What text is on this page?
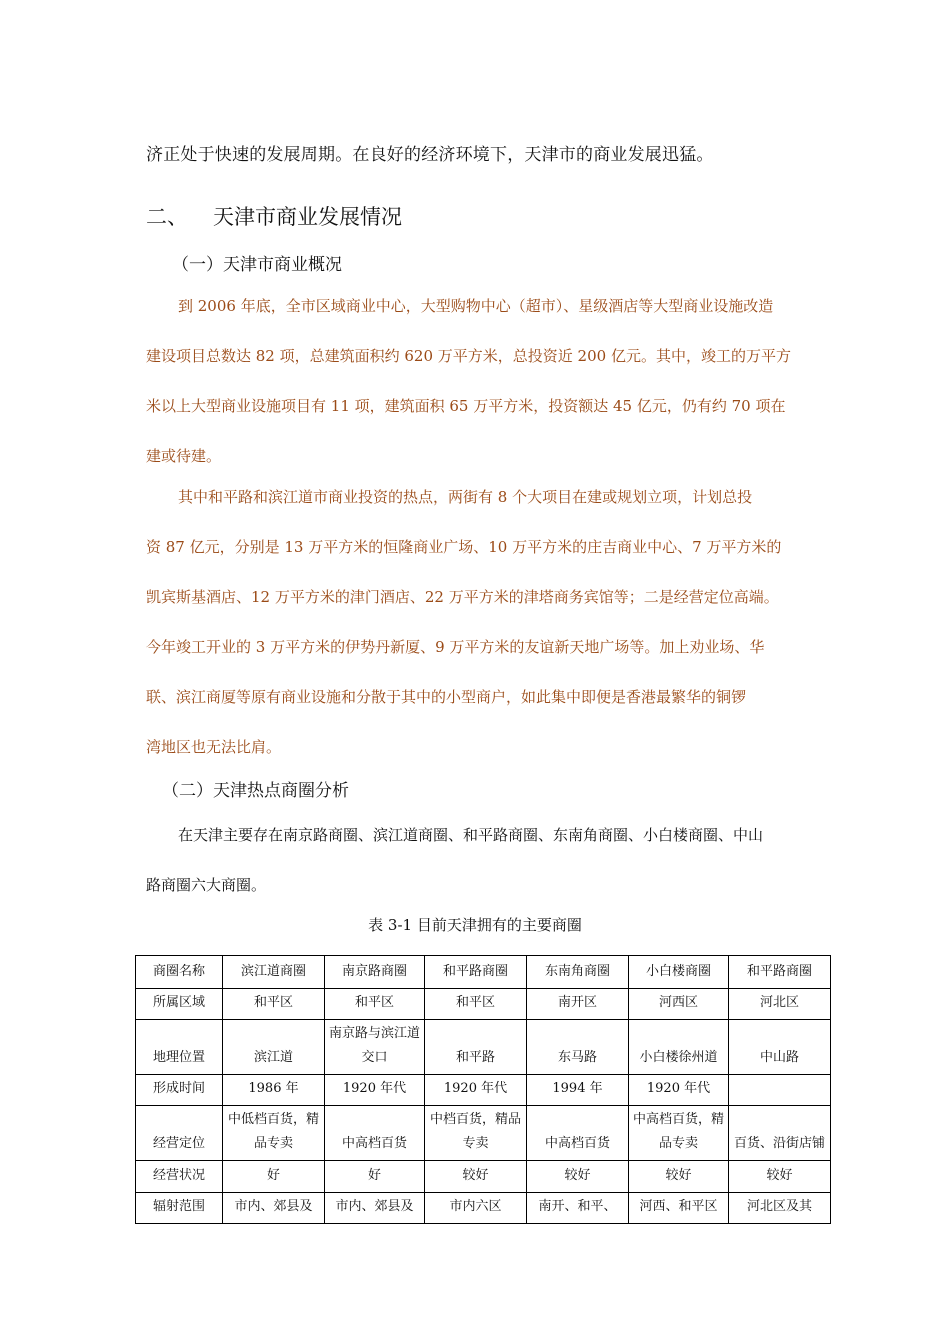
济正处于快速的发展周期。在良好的经济环境下，天津市的商业发展迅猛。
二、 天津市商业发展情况
（一）天津市商业概况
到 2006 年底，全市区域商业中心，大型购物中心（超市）、星级酒店等大型商业设施改造
建设项目总数达 82 项，总建筑面积约 620 万平方米，总投资近 200 亿元。其中，竣工的万平方
米以上大型商业设施项目有 11 项，建筑面积 65 万平方米，投资额达 45 亿元，仍有约 70 项在
建或待建。
其中和平路和滨江道市商业投资的热点，两街有 8 个大项目在建或规划立项，计划总投
资 87 亿元，分别是 13 万平方米的恒隆商业广场、10 万平方米的庄吉商业中心、7 万平方米的
凯宾斯基酒店、12 万平方米的津门酒店、22 万平方米的津塔商务宾馆等；二是经营定位高端。
今年竣工开业的 3 万平方米的伊势丹新厦、9 万平方米的友谊新天地广场等。加上劝业场、华
联、滨江商厦等原有商业设施和分散于其中的小型商户，如此集中即便是香港最繁华的铜锣
湾地区也无法比肩。
（二）天津热点商圈分析
在天津主要存在南京路商圈、滨江道商圈、和平路商圈、东南角商圈、小白楼商圈、中山
路商圈六大商圈。
表 3-1 目前天津拥有的主要商圈
商圈名称	滨江道商圈	南京路商圈	和平路商圈	东南角商圈	小白楼商圈	和平路商圈
所属区域	和平区	和平区	和平区	南开区	河西区	河北区
地理位置	滨江道	南京路与滨江道交口	和平路	东马路	小白楼徐州道	中山路
形成时间	1986 年	1920 年代	1920 年代	1994 年	1920 年代	
经营定位	中低档百货，精品专卖	中高档百货	中档百货，精品专卖	中高档百货	中高档百货，精品专卖	百货、沿街店铺
经营状况	好	好	较好	较好	较好	较好
辐射范围	市内、郊县及	市内、郊县及	市内六区	南开、和平、	河西、和平区	河北区及其
